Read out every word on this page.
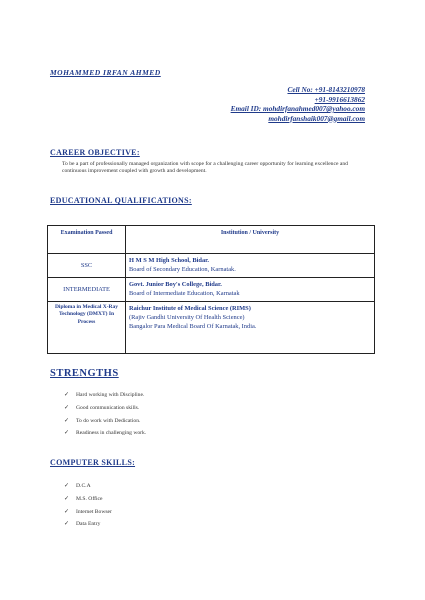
MOHAMMED IRFAN AHMED
Cell No: +91-8143210978
+91-9916613862
Email ID: mohdirfanahmed007@yahoo.com
mohdirfanshaik007@gmail.com
CAREER OBJECTIVE:
To be a part of professionally managed organization with scope for a challenging career opportunity for learning excellence and continuous improvement coupled with growth and development.
EDUCATIONAL QUALIFICATIONS:
Examination Passed	Institution / University
SSC	H M S M High School, Bidar.
Board of Secondary Education, Karnatak.

INTERMEDIATE	Govt. Junior Boy's College, Bidar.
Board of Intermediate Education, Karnatak

Diploma in Medical X-Ray Technology (DMXT) In Process	Raichur Institute of Medical Science (RIMS)
(Rajiv Gandhi University Of Health Science)
Bangalor Para Medical Board Of Karnatak, India.
STRENGTHS
✓ Hard working with Discipline.
✓ Good communication skills.
✓ To do work with Dedication.
✓ Readiness in challenging work.
COMPUTER SKILLS:
✓ D.C.A
✓ M.S. Office
✓ Internet Bowser
✓ Data Entry
